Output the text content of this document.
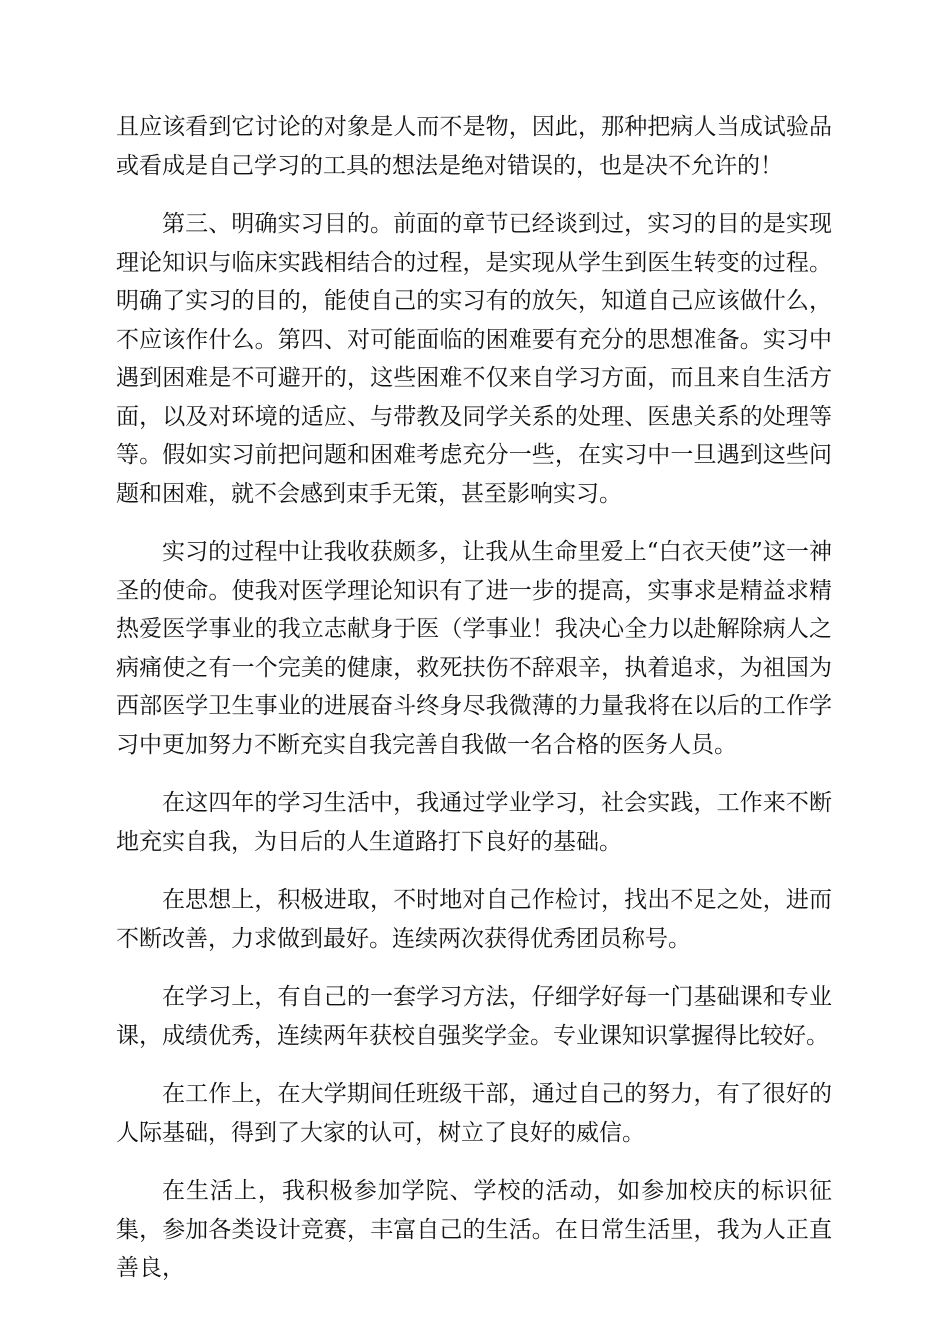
且应该看到它讨论的对象是人而不是物，因此，那种把病人当成试验品或看成是自己学习的工具的想法是绝对错误的，也是决不允许的！

第三、明确实习目的。前面的章节已经谈到过，实习的目的是实现理论知识与临床实践相结合的过程，是实现从学生到医生转变的过程。明确了实习的目的，能使自己的实习有的放矢，知道自己应该做什么，不应该作什么。第四、对可能面临的困难要有充分的思想准备。实习中遇到困难是不可避开的，这些困难不仅来自学习方面，而且来自生活方面，以及对环境的适应、与带教及同学关系的处理、医患关系的处理等等。假如实习前把问题和困难考虑充分一些，在实习中一旦遇到这些问题和困难，就不会感到束手无策，甚至影响实习。

实习的过程中让我收获颇多，让我从生命里爱上“白衣天使”这一神圣的使命。使我对医学理论知识有了进一步的提高，实事求是精益求精热爱医学事业的我立志献身于医（学事业！我决心全力以赴解除病人之病痛使之有一个完美的健康，救死扶伤不辞艰辛，执着追求，为祖国为西部医学卫生事业的进展奋斗终身尽我微薄的力量我将在以后的工作学习中更加努力不断充实自我完善自我做一名合格的医务人员。

在这四年的学习生活中，我通过学业学习，社会实践，工作来不断地充实自我，为日后的人生道路打下良好的基础。

在思想上，积极进取，不时地对自己作检讨，找出不足之处，进而不断改善，力求做到最好。连续两次获得优秀团员称号。

在学习上，有自己的一套学习方法，仔细学好每一门基础课和专业课，成绩优秀，连续两年获校自强奖学金。专业课知识掌握得比较好。

在工作上，在大学期间任班级干部，通过自己的努力，有了很好的人际基础，得到了大家的认可，树立了良好的威信。

在生活上，我积极参加学院、学校的活动，如参加校庆的标识征集，参加各类设计竞赛，丰富自己的生活。在日常生活里，我为人正直善良，
